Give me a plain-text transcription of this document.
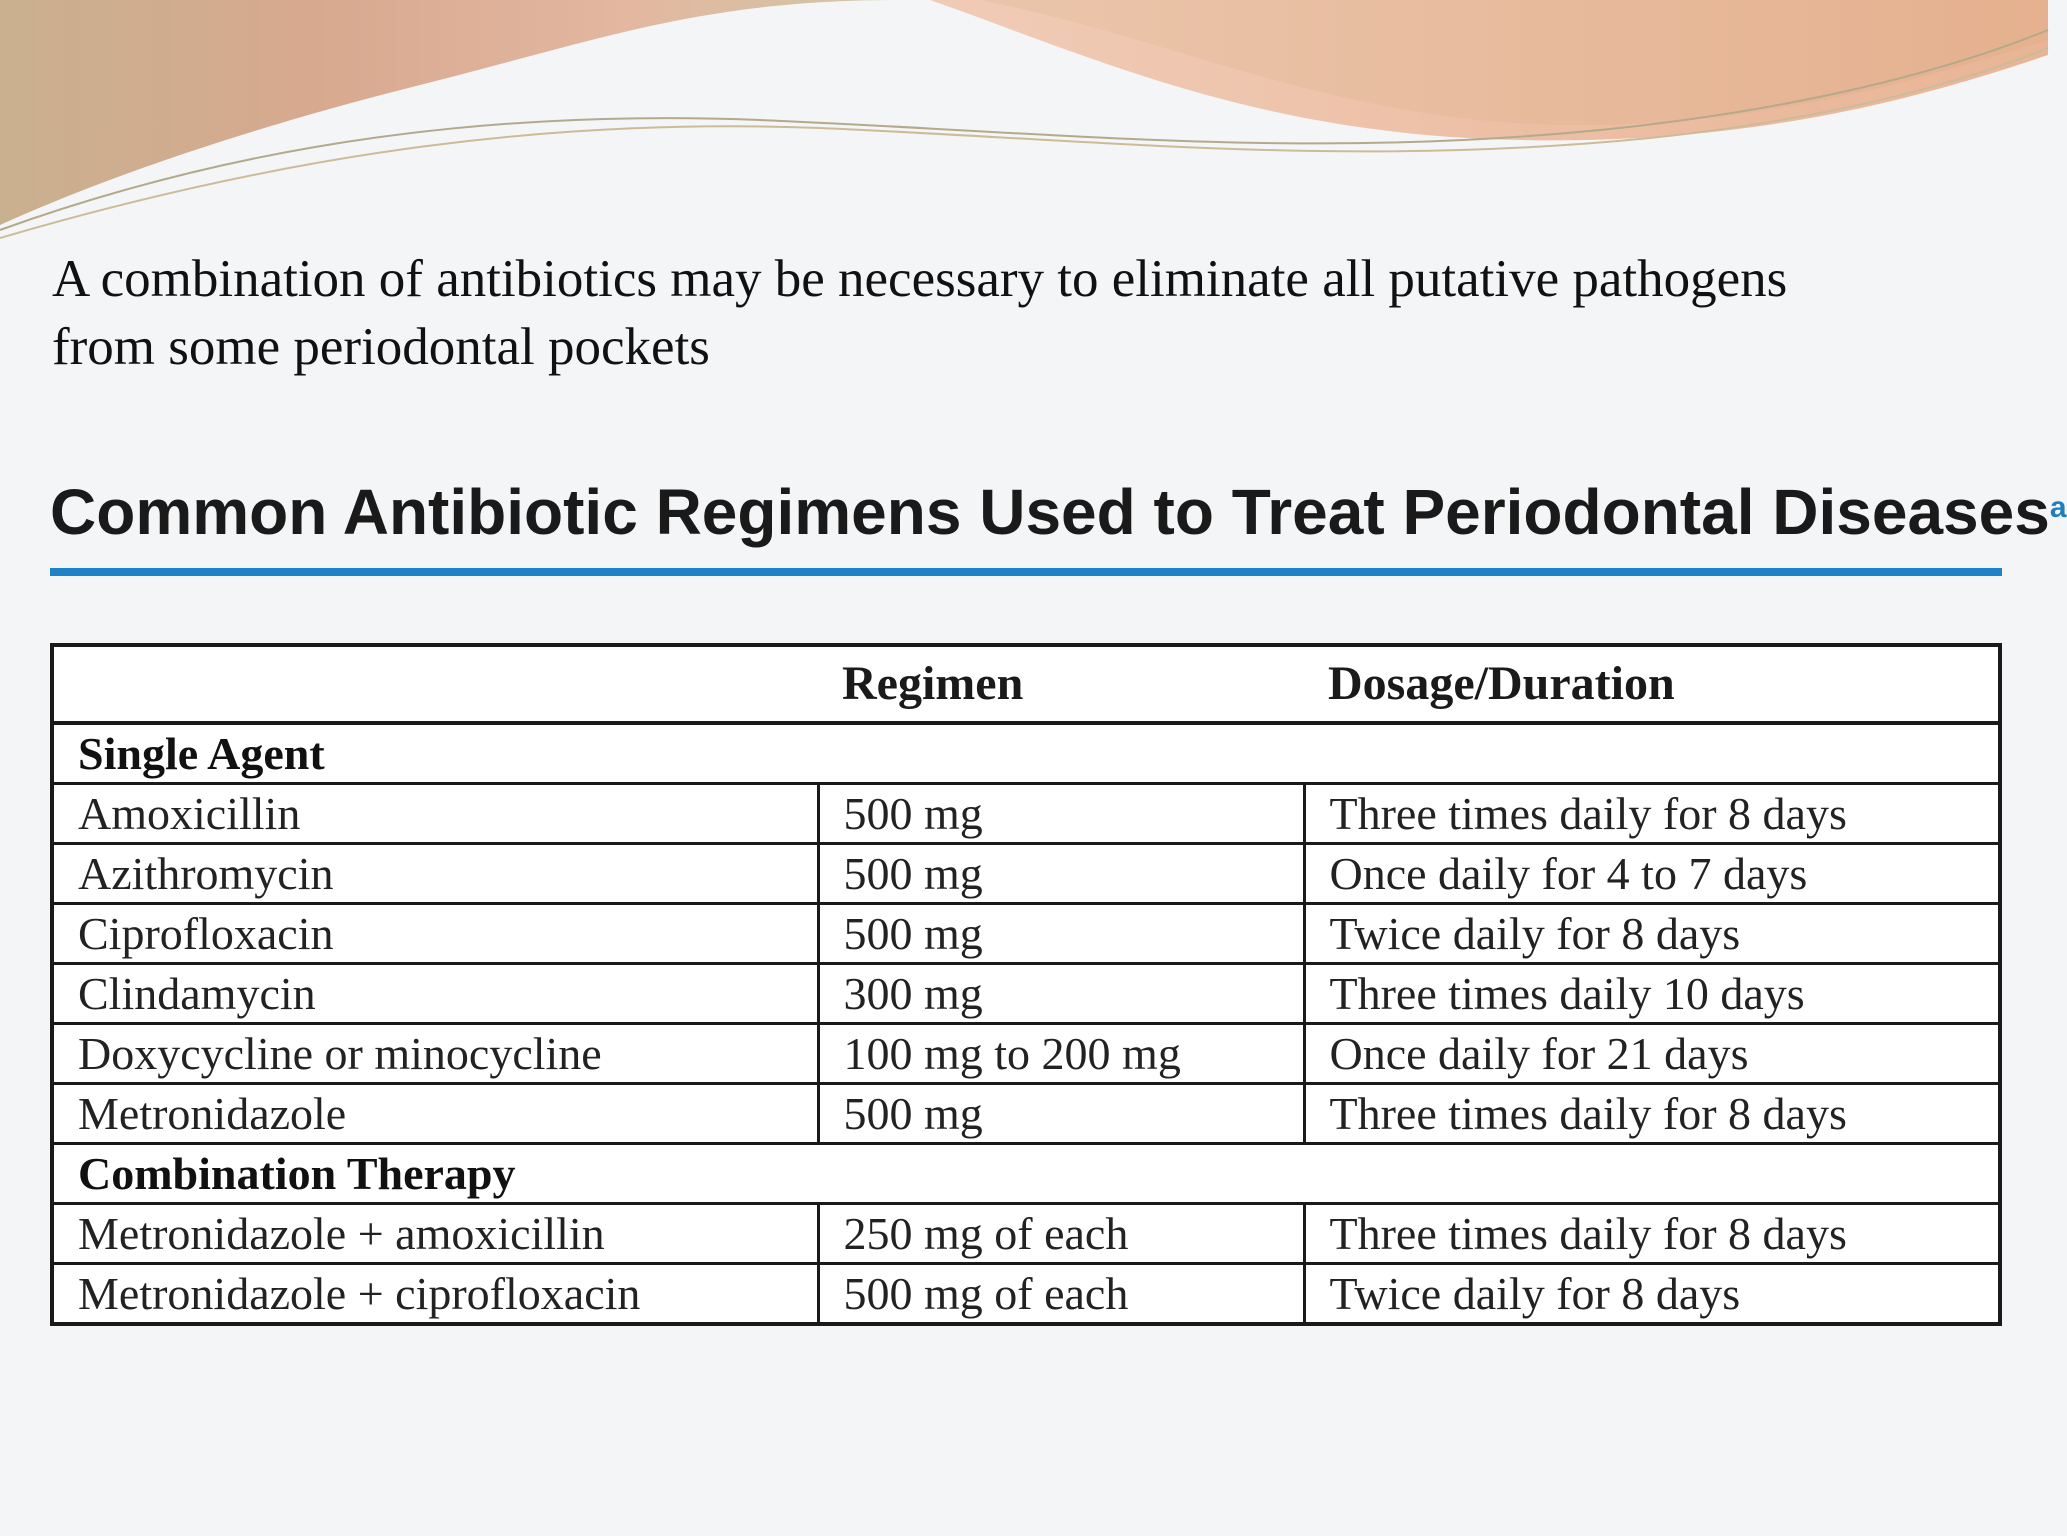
A combination of antibiotics may be necessary to eliminate all putative pathogens
from some periodontal pockets
Common Antibiotic Regimens Used to Treat Periodontal Diseases$^a$
	Regimen	Dosage/Duration
Single Agent		
Amoxicillin	500 mg	Three times daily for 8 days
Azithromycin	500 mg	Once daily for 4 to 7 days
Ciprofloxacin	500 mg	Twice daily for 8 days
Clindamycin	300 mg	Three times daily 10 days
Doxycycline or minocycline	100 mg to 200 mg	Once daily for 21 days
Metronidazole	500 mg	Three times daily for 8 days
Combination Therapy		
Metronidazole + amoxicillin	250 mg of each	Three times daily for 8 days
Metronidazole + ciprofloxacin	500 mg of each	Twice daily for 8 days
